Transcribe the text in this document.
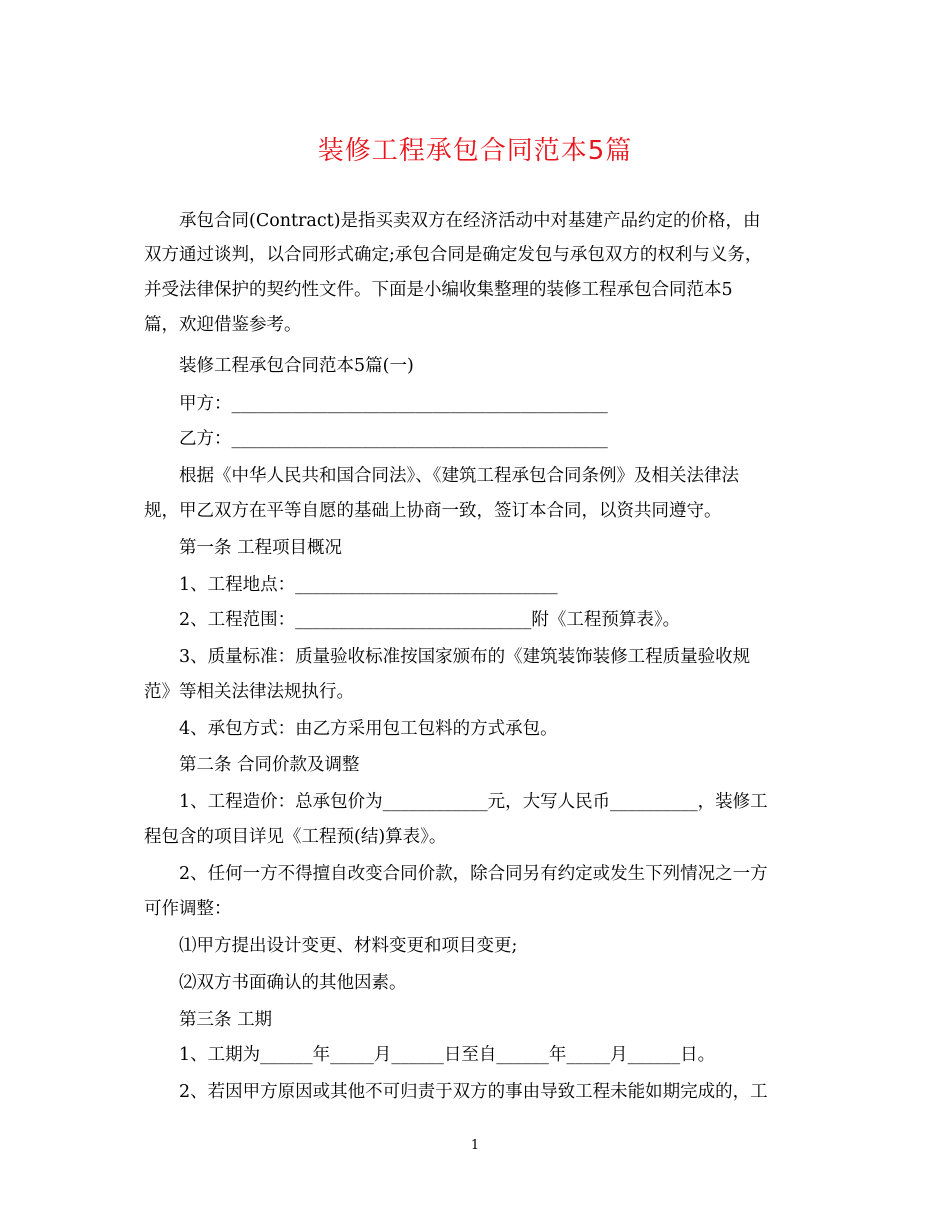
装修工程承包合同范本5篇
承包合同(Contract)是指买卖双方在经济活动中对基建产品约定的价格，由
双方通过谈判，以合同形式确定;承包合同是确定发包与承包双方的权利与义务，
并受法律保护的契约性文件。下面是小编收集整理的装修工程承包合同范本5
篇，欢迎借鉴参考。
装修工程承包合同范本5篇(一)
甲方：___________________________________________
乙方：___________________________________________
根据《中华人民共和国合同法》、《建筑工程承包合同条例》及相关法律法
规，甲乙双方在平等自愿的基础上协商一致，签订本合同，以资共同遵守。
第一条 工程项目概况
1、工程地点：______________________________
2、工程范围：___________________________附《工程预算表》。
3、质量标准：质量验收标准按国家颁布的《建筑装饰装修工程质量验收规
范》等相关法律法规执行。
4、承包方式：由乙方采用包工包料的方式承包。
第二条 合同价款及调整
1、工程造价：总承包价为____________元，大写人民币__________，装修工
程包含的项目详见《工程预(结)算表》。
2、任何一方不得擅自改变合同价款，除合同另有约定或发生下列情况之一方
可作调整：
⑴甲方提出设计变更、材料变更和项目变更;
⑵双方书面确认的其他因素。
第三条 工期
1、工期为______年_____月______日至自______年_____月______日。
2、若因甲方原因或其他不可归责于双方的事由导致工程未能如期完成的，工
1
